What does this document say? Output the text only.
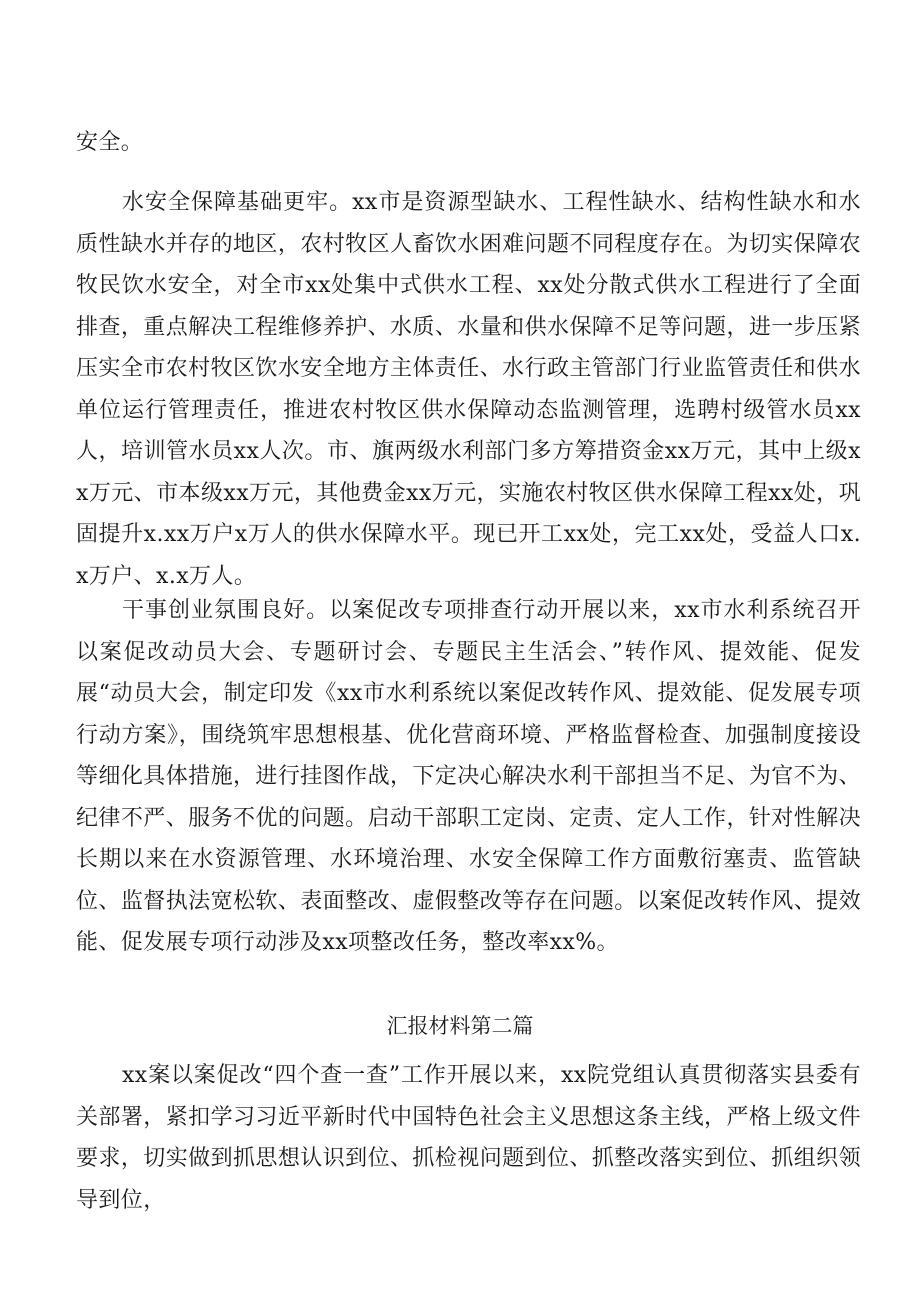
安全。

水安全保障基础更牢。xx市是资源型缺水、工程性缺水、结构性缺水和水质性缺水并存的地区，农村牧区人畜饮水困难问题不同程度存在。为切实保障农牧民饮水安全，对全市xx处集中式供水工程、xx处分散式供水工程进行了全面排查，重点解决工程维修养护、水质、水量和供水保障不足等问题，进一步压紧压实全市农村牧区饮水安全地方主体责任、水行政主管部门行业监管责任和供水单位运行管理责任，推进农村牧区供水保障动态监测管理，选聘村级管水员xx人，培训管水员xx人次。市、旗两级水利部门多方筹措资金xx万元，其中上级xx万元、市本级xx万元，其他费金xx万元，实施农村牧区供水保障工程xx处，巩固提升x.xx万户x万人的供水保障水平。现已开工xx处，完工xx处，受益人口x.x万户、x.x万人。

干事创业氛围良好。以案促改专项排查行动开展以来，xx市水利系统召开以案促改动员大会、专题研讨会、专题民主生活会、”转作风、提效能、促发展“动员大会，制定印发《xx市水利系统以案促改转作风、提效能、促发展专项行动方案》，围绕筑牢思想根基、优化营商环境、严格监督检查、加强制度接设等细化具体措施，进行挂图作战，下定决心解决水利干部担当不足、为官不为、纪律不严、服务不优的问题。启动干部职工定岗、定责、定人工作，针对性解决长期以来在水资源管理、水环境治理、水安全保障工作方面敷衍塞责、监管缺位、监督执法宽松软、表面整改、虚假整改等存在问题。以案促改转作风、提效能、促发展专项行动涉及xx项整改任务，整改率xx%。

汇报材料第二篇

xx案以案促改“四个查一查”工作开展以来，xx院党组认真贯彻落实县委有关部署，紧扣学习习近平新时代中国特色社会主义思想这条主线，严格上级文件要求，切实做到抓思想认识到位、抓检视问题到位、抓整改落实到位、抓组织领导到位，
